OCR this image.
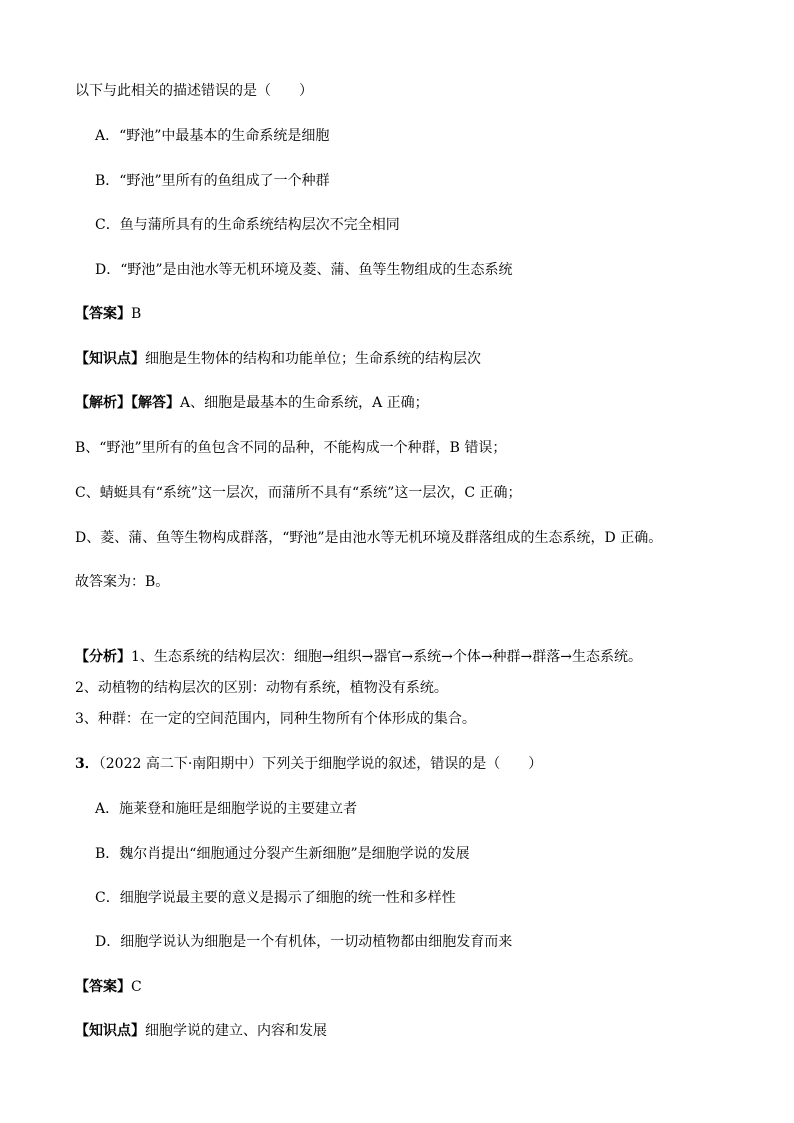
以下与此相关的描述错误的是（　　）
A．“野池”中最基本的生命系统是细胞
B．“野池”里所有的鱼组成了一个种群
C．鱼与蒲所具有的生命系统结构层次不完全相同
D．“野池”是由池水等无机环境及菱、蒲、鱼等生物组成的生态系统
【答案】B
【知识点】细胞是生物体的结构和功能单位；生命系统的结构层次
【解析】【解答】A、细胞是最基本的生命系统，A 正确；
B、“野池”里所有的鱼包含不同的品种，不能构成一个种群，B 错误；
C、蜻蜓具有“系统”这一层次，而蒲所不具有“系统”这一层次，C 正确；
D、菱、蒲、鱼等生物构成群落，“野池”是由池水等无机环境及群落组成的生态系统，D 正确。
故答案为：B。
【分析】1、生态系统的结构层次：细胞→组织→器官→系统→个体→种群→群落→生态系统。
2、动植物的结构层次的区别：动物有系统，植物没有系统。
3、种群：在一定的空间范围内，同种生物所有个体形成的集合。
3．（2022 高二下·南阳期中）下列关于细胞学说的叙述，错误的是（　　）
A．施莱登和施旺是细胞学说的主要建立者
B．魏尔肖提出“细胞通过分裂产生新细胞”是细胞学说的发展
C．细胞学说最主要的意义是揭示了细胞的统一性和多样性
D．细胞学说认为细胞是一个有机体，一切动植物都由细胞发育而来
【答案】C
【知识点】细胞学说的建立、内容和发展
